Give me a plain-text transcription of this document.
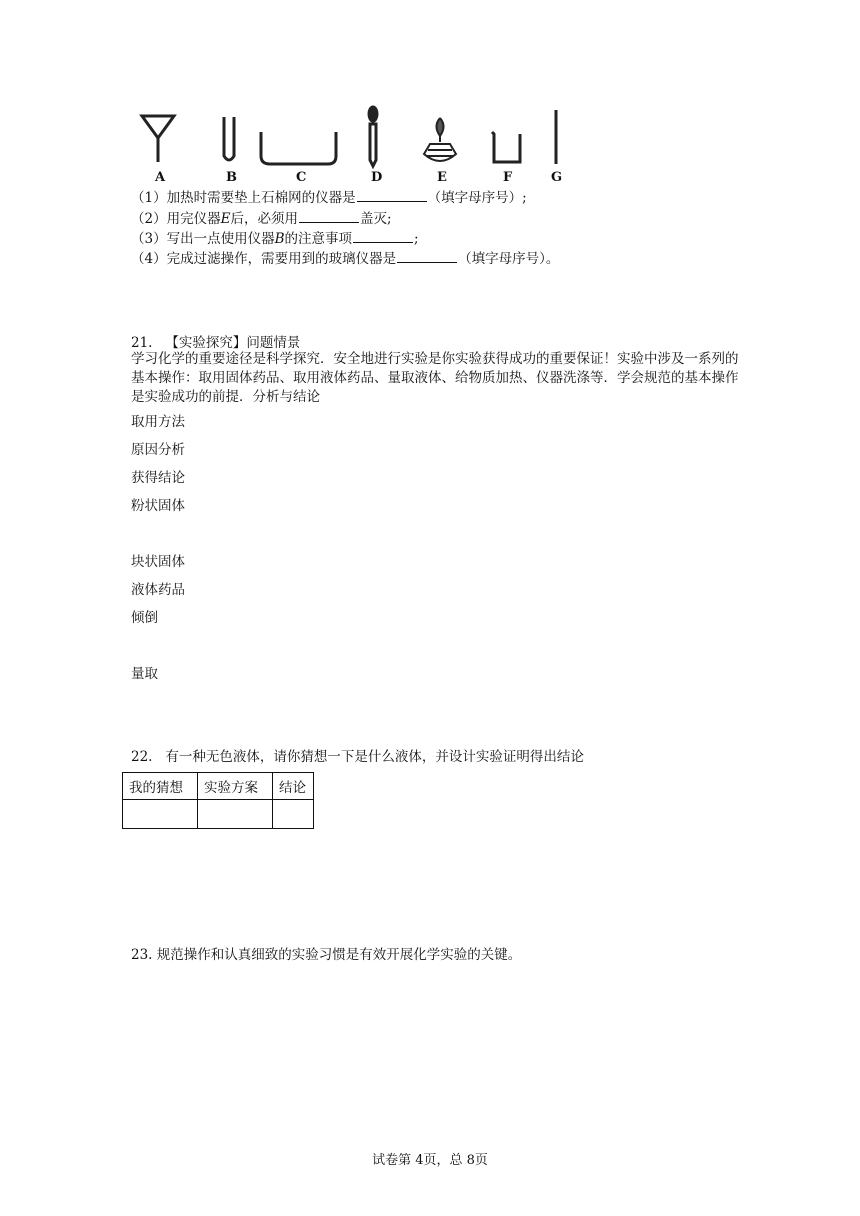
A	B	C	D	E	F	G
（1）加热时需要垫上石棉网的仪器是	（填字母序号）;
（2）用完仪器E后，必须用	盖灭;
（3）写出一点使用仪器B的注意事项	;
（4）完成过滤操作，需要用到的玻璃仪器是	（填字母序号）。
21. 【实验探究】问题情景
学习化学的重要途径是科学探究．安全地进行实验是你实验获得成功的重要保证！实验中涉及一系列的基本操作：取用固体药品、取用液体药品、量取液体、给物质加热、仪器洗涤等．学会规范的基本操作是实验成功的前提．分析与结论
取用方法
原因分析
获得结论
粉状固体
块状固体
液体药品
倾倒
量取
22. 有一种无色液体，请你猜想一下是什么液体，并设计实验证明得出结论
我的猜想	实验方案	结论

23. 规范操作和认真细致的实验习惯是有效开展化学实验的关键。
试卷第 4页，总 8页
